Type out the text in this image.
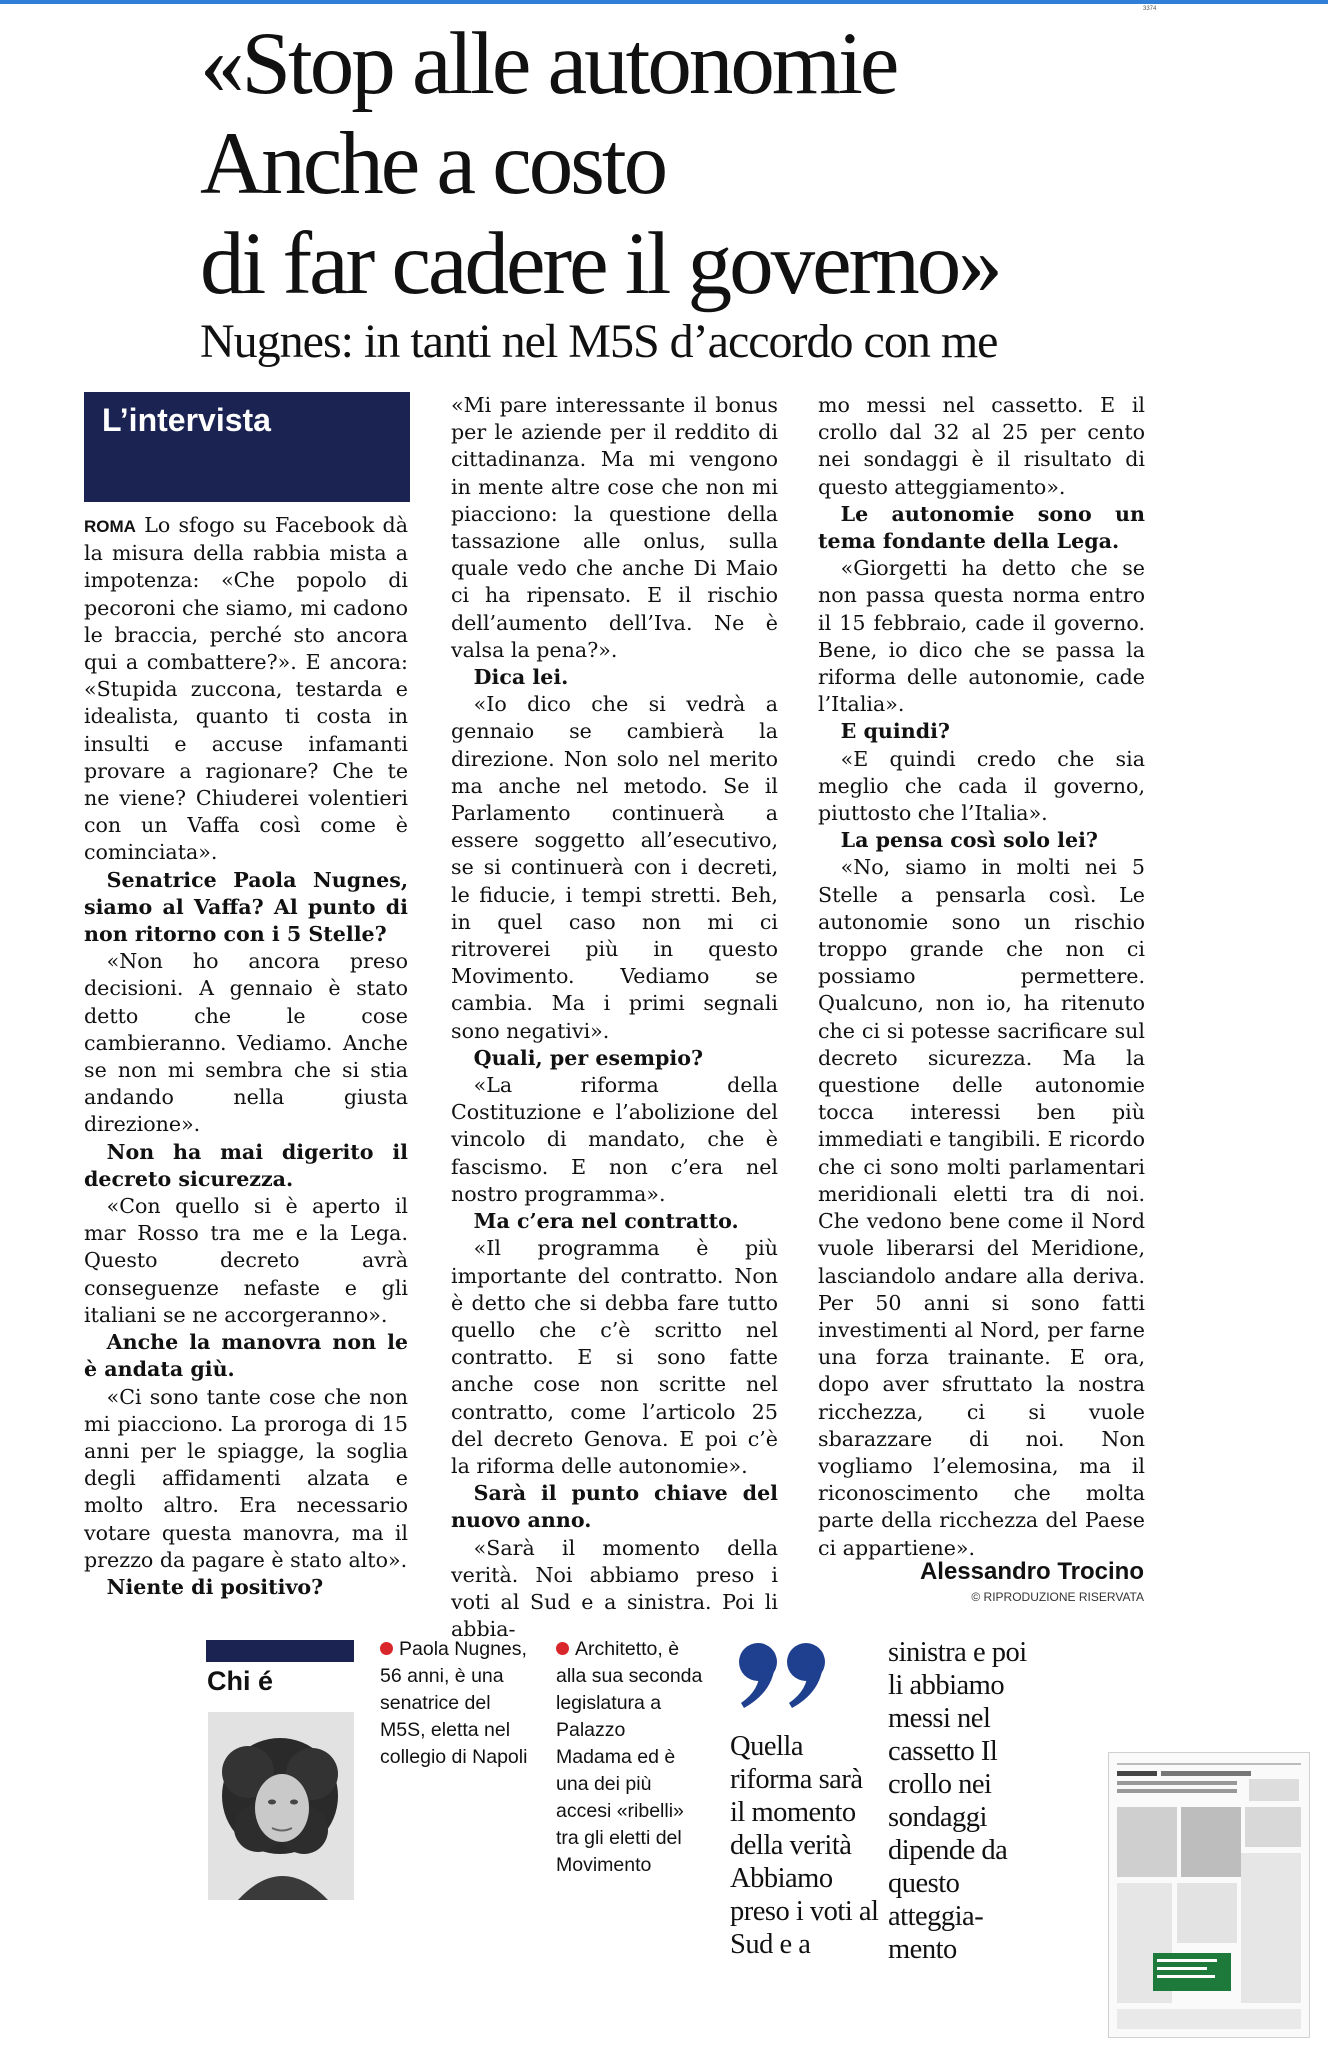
3374
«Stop alle autonomie
Anche a costo
di far cadere il governo»
Nugnes: in tanti nel M5S d’accordo con me
L’intervista

ROMA Lo sfogo su Facebook dà la misura della rabbia mista a impotenza: «Che popolo di pecoroni che siamo, mi cadono le braccia, perché sto ancora qui a combattere?». E ancora: «Stupida zuccona, testarda e idealista, quanto ti costa in insulti e accuse infamanti provare a ragionare? Che te ne viene? Chiuderei volentieri con un Vaffa così come è cominciata».

Senatrice Paola Nugnes, siamo al Vaffa? Al punto di non ritorno con i 5 Stelle?

«Non ho ancora preso decisioni. A gennaio è stato detto che le cose cambieranno. Vediamo. Anche se non mi sembra che si stia andando nella giusta direzione».

Non ha mai digerito il decreto sicurezza.

«Con quello si è aperto il mar Rosso tra me e la Lega. Questo decreto avrà conseguenze nefaste e gli italiani se ne accorgeranno».

Anche la manovra non le è andata giù.

«Ci sono tante cose che non mi piacciono. La proroga di 15 anni per le spiagge, la soglia degli affidamenti alzata e molto altro. Era necessario votare questa manovra, ma il prezzo da pagare è stato alto».

Niente di positivo?

«Mi pare interessante il bonus per le aziende per il reddito di cittadinanza. Ma mi vengono in mente altre cose che non mi piacciono: la questione della tassazione alle onlus, sulla quale vedo che anche Di Maio ci ha ripensato. E il rischio dell’aumento dell’Iva. Ne è valsa la pena?».

Dica lei.

«Io dico che si vedrà a gennaio se cambierà la direzione. Non solo nel merito ma anche nel metodo. Se il Parlamento continuerà a essere soggetto all’esecutivo, se si continuerà con i decreti, le fiducie, i tempi stretti. Beh, in quel caso non mi ci ritroverei più in questo Movimento. Vediamo se cambia. Ma i primi segnali sono negativi».

Quali, per esempio?

«La riforma della Costituzione e l’abolizione del vincolo di mandato, che è fascismo. E non c’era nel nostro programma».

Ma c’era nel contratto.

«Il programma è più importante del contratto. Non è detto che si debba fare tutto quello che c’è scritto nel contratto. E si sono fatte anche cose non scritte nel contratto, come l’articolo 25 del decreto Genova. E poi c’è la riforma delle autonomie».

Sarà il punto chiave del nuovo anno.

«Sarà il momento della verità. Noi abbiamo preso i voti al Sud e a sinistra. Poi li abbia-

mo messi nel cassetto. E il crollo dal 32 al 25 per cento nei sondaggi è il risultato di questo atteggiamento».

Le autonomie sono un tema fondante della Lega.

«Giorgetti ha detto che se non passa questa norma entro il 15 febbraio, cade il governo. Bene, io dico che se passa la riforma delle autonomie, cade l’Italia».

E quindi?

«E quindi credo che sia meglio che cada il governo, piuttosto che l’Italia».

La pensa così solo lei?

«No, siamo in molti nei 5 Stelle a pensarla così. Le autonomie sono un rischio troppo grande che non ci possiamo permettere. Qualcuno, non io, ha ritenuto che ci si potesse sacrificare sul decreto sicurezza. Ma la questione delle autonomie tocca interessi ben più immediati e tangibili. E ricordo che ci sono molti parlamentari meridionali eletti tra di noi. Che vedono bene come il Nord vuole liberarsi del Meridione, lasciandolo andare alla deriva. Per 50 anni si sono fatti investimenti al Nord, per farne una forza trainante. E ora, dopo aver sfruttato la nostra ricchezza, ci si vuole sbarazzare di noi. Non vogliamo l’elemosina, ma il riconoscimento che molta parte della ricchezza del Paese ci appartiene».

Alessandro Trocino
© RIPRODUZIONE RISERVATA
Chi é
Paola Nugnes, 56 anni, è una senatrice del M5S, eletta nel collegio di Napoli
Architetto, è alla sua seconda legislatura a Palazzo Madama ed è una dei più accesi «ribelli» tra gli eletti del Movimento
Quella riforma sarà il momento della verità Abbiamo preso i voti al Sud e a
sinistra e poi li abbiamo messi nel cassetto Il crollo nei sondaggi dipende da questo atteggia-mento
